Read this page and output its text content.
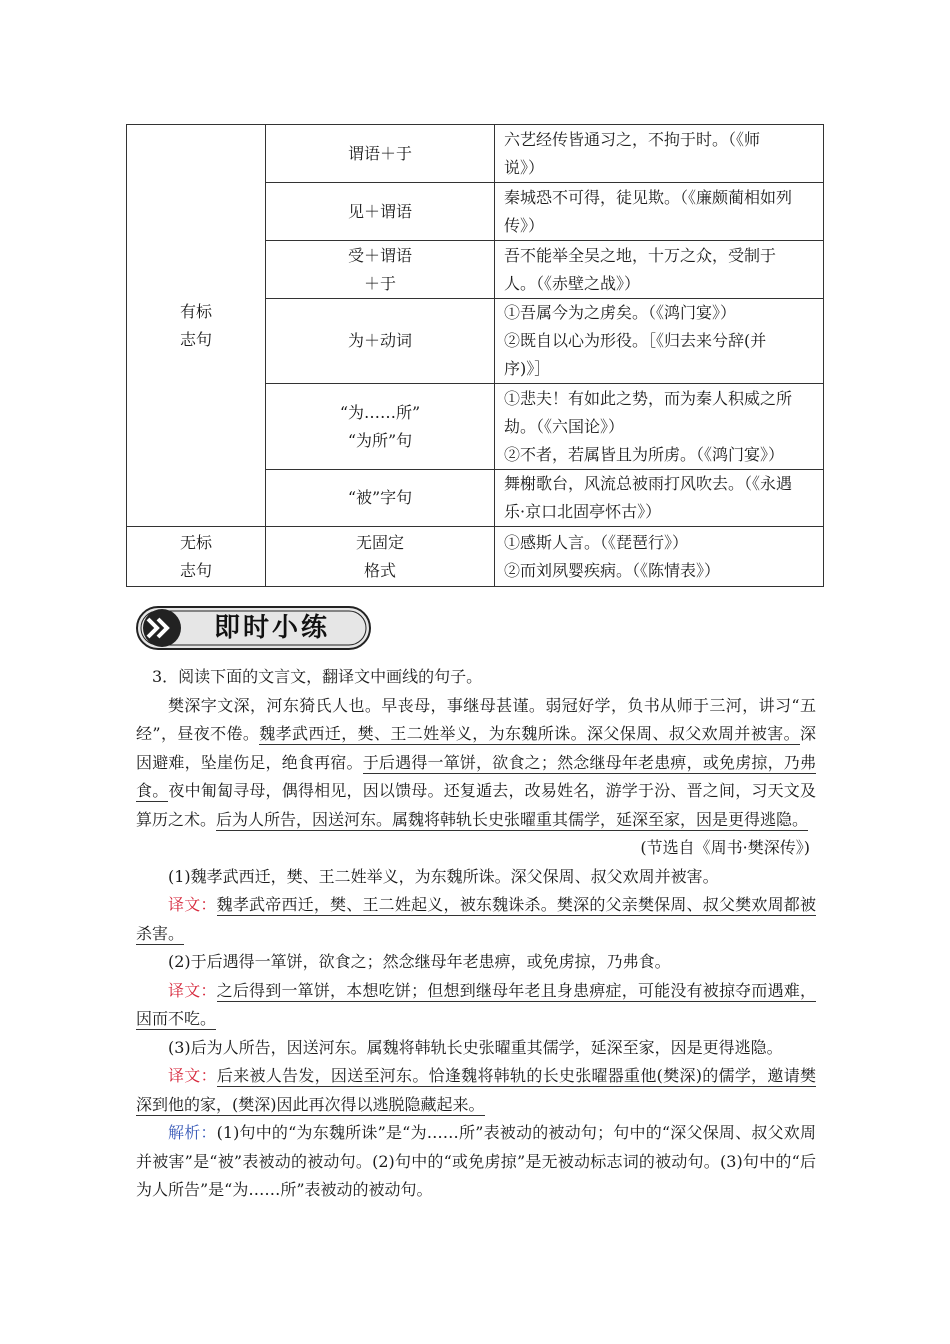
有标
志句	谓语＋于	六艺经传皆通习之，不拘于时。（《师
说》）

	见＋谓语	秦城恐不可得，徒见欺。（《廉颇蔺相如列
传》）

	受＋谓语
＋于	吾不能举全吴之地，十万之众，受制于
人。（《赤壁之战》）

	为＋动词	①吾属今为之虏矣。（《鸿门宴》）
②既自以心为形役。［《归去来兮辞(并
序)》］

	“为……所”
“为所”句	①悲夫！有如此之势，而为秦人积威之所
劫。（《六国论》）
②不者，若属皆且为所虏。（《鸿门宴》）

	“被”字句	舞榭歌台，风流总被雨打风吹去。（《永遇
乐·京口北固亭怀古》）

无标
志句	无固定
格式	①感斯人言。（《琵琶行》）
②而刘夙婴疾病。（《陈情表》）
即时小练

3．阅读下面的文言文，翻译文中画线的句子。

樊深字文深，河东猗氏人也。早丧母，事继母甚谨。弱冠好学，负书从师于三河，讲习“五经”，昼夜不倦。魏孝武西迁，樊、王二姓举义，为东魏所诛。深父保周、叔父欢周并被害。深因避难，坠崖伤足，绝食再宿。于后遇得一箪饼，欲食之；然念继母年老患痹，或免虏掠，乃弗食。夜中匍匐寻母，偶得相见，因以馈母。还复遁去，改易姓名，游学于汾、晋之间，习天文及算历之术。后为人所告，因送河东。属魏将韩轨长史张曜重其儒学，延深至家，因是更得逃隐。

(节选自《周书·樊深传》)

(1)魏孝武西迁，樊、王二姓举义，为东魏所诛。深父保周、叔父欢周并被害。

译文：魏孝武帝西迁，樊、王二姓起义，被东魏诛杀。樊深的父亲樊保周、叔父樊欢周都被杀害。

(2)于后遇得一箪饼，欲食之；然念继母年老患痹，或免虏掠，乃弗食。

译文：之后得到一箪饼，本想吃饼；但想到继母年老且身患痹症，可能没有被掠夺而遇难，因而不吃。

(3)后为人所告，因送河东。属魏将韩轨长史张曜重其儒学，延深至家，因是更得逃隐。

译文：后来被人告发，因送至河东。恰逢魏将韩轨的长史张曜器重他(樊深)的儒学，邀请樊深到他的家，(樊深)因此再次得以逃脱隐藏起来。

解析：(1)句中的“为东魏所诛”是“为……所”表被动的被动句；句中的“深父保周、叔父欢周并被害”是“被”表被动的被动句。(2)句中的“或免虏掠”是无被动标志词的被动句。(3)句中的“后为人所告”是“为……所”表被动的被动句。
